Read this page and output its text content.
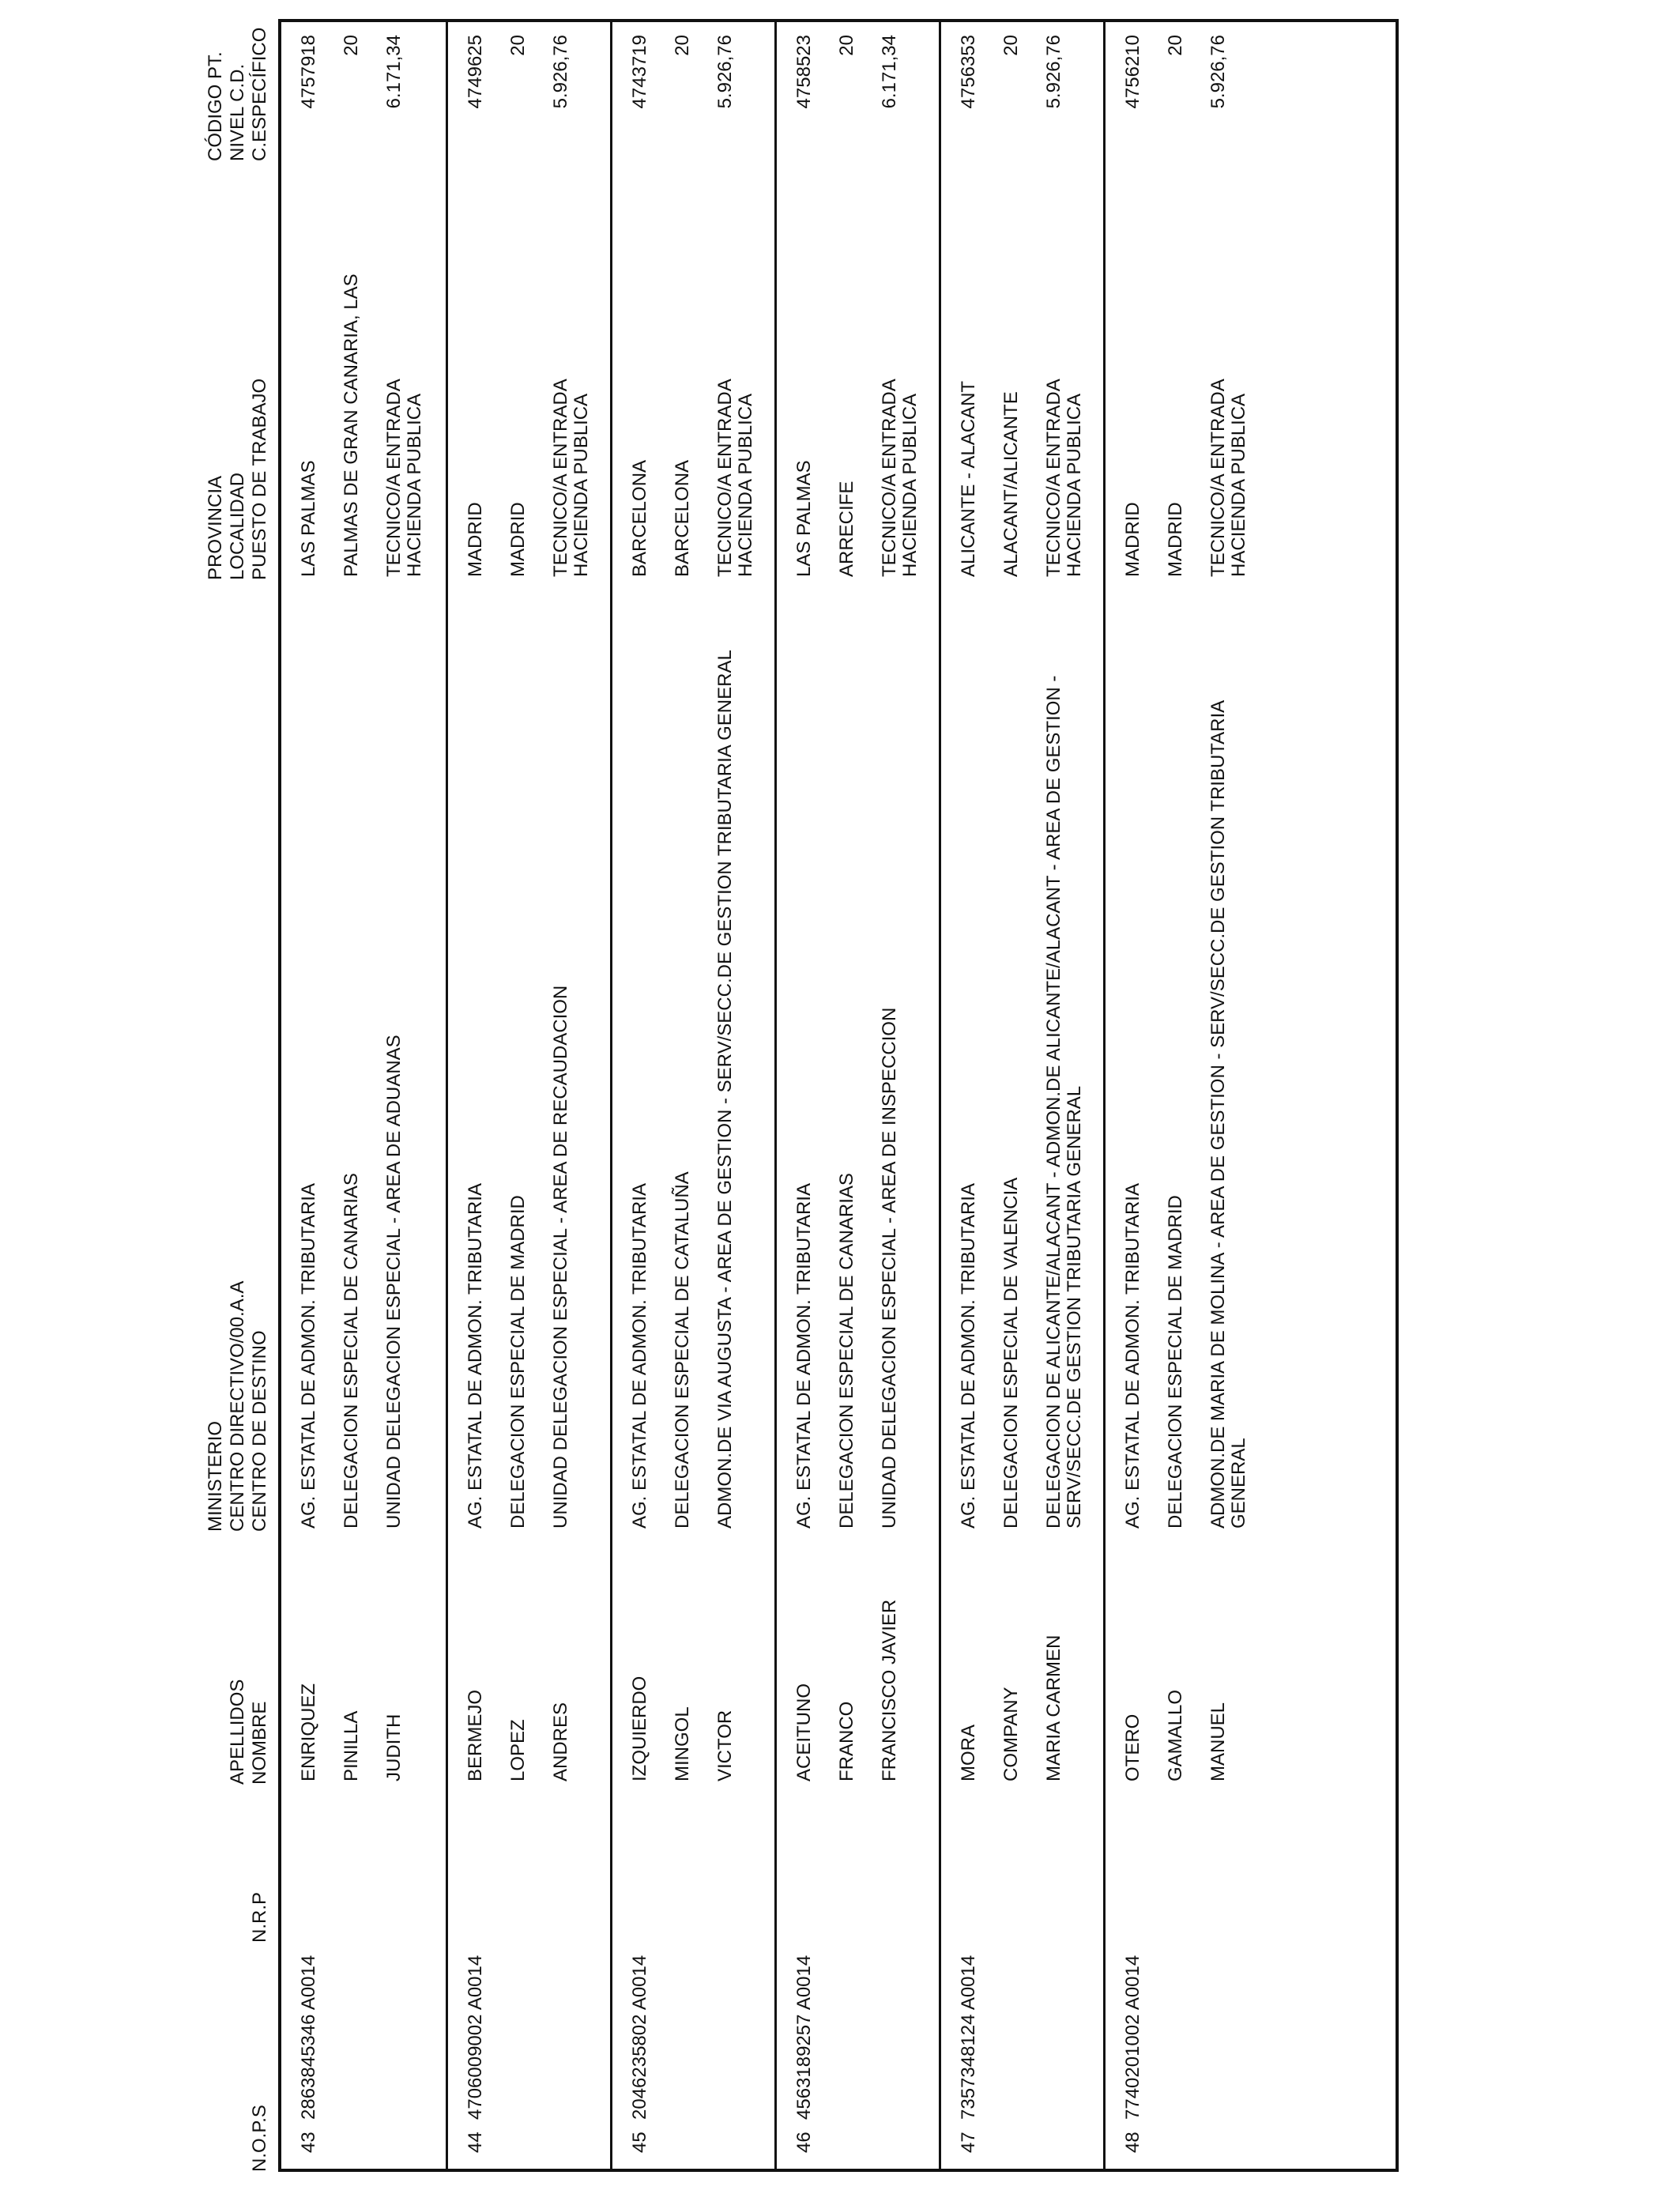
N.O.P.S
N.R.P
APELLIDOS NOMBRE
MINISTERIO CENTRO DIRECTIVO/00.A.A CENTRO DE DESTINO
PROVINCIA LOCALIDAD PUESTO DE TRABAJO
CÓDIGO PT. NIVEL C.D. C.ESPECÍFICO
43
2863845346 A0014
ENRIQUEZ PINILLA JUDITH
AG. ESTATAL DE ADMON. TRIBUTARIA DELEGACION ESPECIAL DE CANARIAS UNIDAD DELEGACION ESPECIAL - AREA DE ADUANAS
LAS PALMAS PALMAS DE GRAN CANARIA, LAS TECNICO/A ENTRADA HACIENDA PUBLICA
4757918 20 6.171,34
44
4706009002 A0014
BERMEJO LOPEZ ANDRES
AG. ESTATAL DE ADMON. TRIBUTARIA DELEGACION ESPECIAL DE MADRID UNIDAD DELEGACION ESPECIAL - AREA DE RECAUDACION
MADRID MADRID TECNICO/A ENTRADA HACIENDA PUBLICA
4749625 20 5.926,76
45
2046235802 A0014
IZQUIERDO MINGOL VICTOR
AG. ESTATAL DE ADMON. TRIBUTARIA DELEGACION ESPECIAL DE CATALUÑA ADMON.DE VIA AUGUSTA - AREA DE GESTION - SERV/SECC.DE GESTION TRIBUTARIA GENERAL
BARCELONA BARCELONA TECNICO/A ENTRADA HACIENDA PUBLICA
4743719 20 5.926,76
46
4563189257 A0014
ACEITUNO FRANCO FRANCISCO JAVIER
AG. ESTATAL DE ADMON. TRIBUTARIA DELEGACION ESPECIAL DE CANARIAS UNIDAD DELEGACION ESPECIAL - AREA DE INSPECCION
LAS PALMAS ARRECIFE TECNICO/A ENTRADA HACIENDA PUBLICA
4758523 20 6.171,34
47
7357348124 A0014
MORA COMPANY MARIA CARMEN
AG. ESTATAL DE ADMON. TRIBUTARIA DELEGACION ESPECIAL DE VALENCIA DELEGACION DE ALICANTE/ALACANT - ADMON.DE ALICANTE/ALACANT - AREA DE GESTION - SERV/SECC.DE GESTION TRIBUTARIA GENERAL
ALICANTE - ALACANT ALACANT/ALICANTE TECNICO/A ENTRADA HACIENDA PUBLICA
4756353 20 5.926,76
48
7740201002 A0014
OTERO GAMALLO MANUEL
AG. ESTATAL DE ADMON. TRIBUTARIA DELEGACION ESPECIAL DE MADRID ADMON.DE MARIA DE MOLINA - AREA DE GESTION - SERV/SECC.DE GESTION TRIBUTARIA GENERAL
MADRID MADRID TECNICO/A ENTRADA HACIENDA PUBLICA
4756210 20 5.926,76
